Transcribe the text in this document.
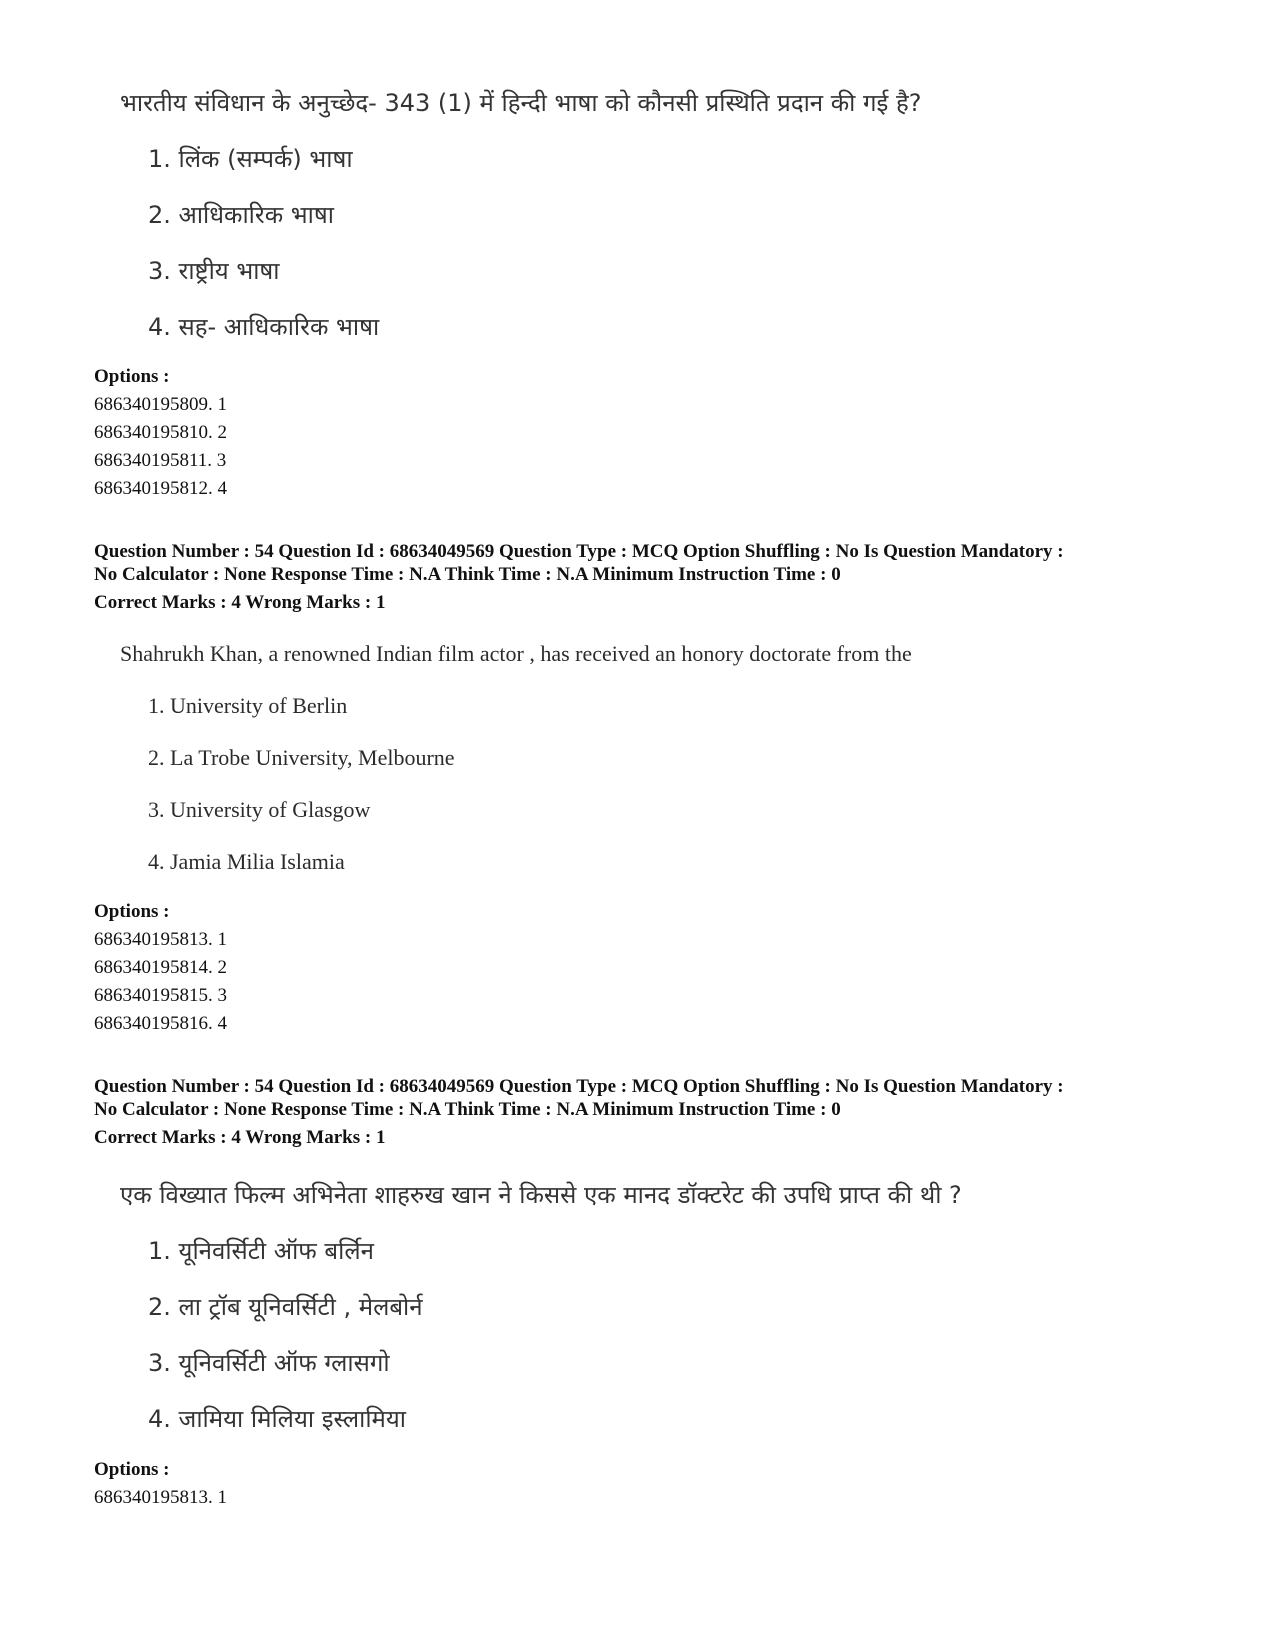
भारतीय संविधान के अनुच्छेद- 343 (1) में हिन्दी भाषा को कौनसी प्रस्थिति प्रदान की गई है?
1. लिंक (सम्पर्क) भाषा
2. आधिकारिक भाषा
3. राष्ट्रीय भाषा
4. सह- आधिकारिक भाषा
Options :
686340195809. 1
686340195810. 2
686340195811. 3
686340195812. 4
Question Number : 54 Question Id : 68634049569 Question Type : MCQ Option Shuffling : No Is Question Mandatory :
No Calculator : None Response Time : N.A Think Time : N.A Minimum Instruction Time : 0
Correct Marks : 4 Wrong Marks : 1
Shahrukh Khan, a renowned Indian film actor , has received an honory doctorate from the
1. University of Berlin
2. La Trobe University, Melbourne
3. University of Glasgow
4. Jamia Milia Islamia
Options :
686340195813. 1
686340195814. 2
686340195815. 3
686340195816. 4
Question Number : 54 Question Id : 68634049569 Question Type : MCQ Option Shuffling : No Is Question Mandatory :
No Calculator : None Response Time : N.A Think Time : N.A Minimum Instruction Time : 0
Correct Marks : 4 Wrong Marks : 1
एक विख्यात फिल्म अभिनेता शाहरुख खान ने किससे एक मानद डॉक्टरेट की उपधि प्राप्त की थी ?
1. यूनिवर्सिटी ऑफ बर्लिन
2. ला ट्रॉब यूनिवर्सिटी , मेलबोर्न
3. यूनिवर्सिटी ऑफ ग्लासगो
4. जामिया मिलिया इस्लामिया
Options :
686340195813. 1
